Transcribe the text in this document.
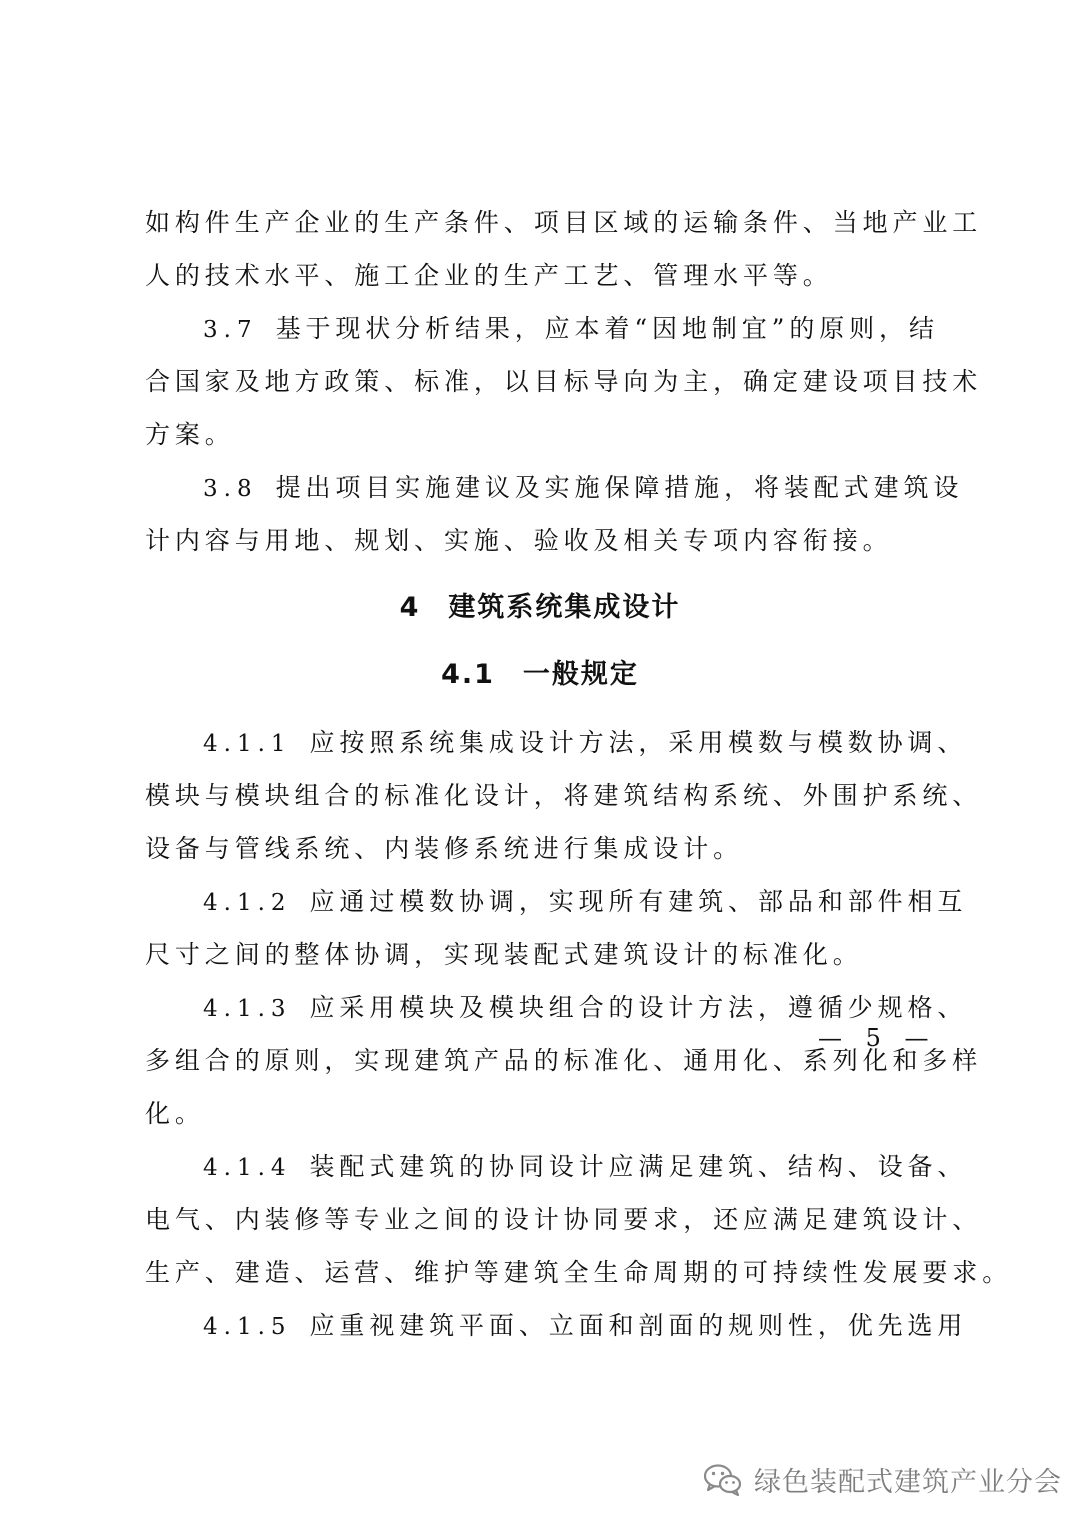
如构件生产企业的生产条件、项目区域的运输条件、当地产业工
人的技术水平、施工企业的生产工艺、管理水平等。
3.7 基于现状分析结果，应本着“因地制宜”的原则，结
合国家及地方政策、标准，以目标导向为主，确定建设项目技术
方案。
3.8 提出项目实施建议及实施保障措施，将装配式建筑设
计内容与用地、规划、实施、验收及相关专项内容衔接。
4 建筑系统集成设计
4.1 一般规定
4.1.1 应按照系统集成设计方法，采用模数与模数协调、
模块与模块组合的标准化设计，将建筑结构系统、外围护系统、
设备与管线系统、内装修系统进行集成设计。
4.1.2 应通过模数协调，实现所有建筑、部品和部件相互
尺寸之间的整体协调，实现装配式建筑设计的标准化。
4.1.3 应采用模块及模块组合的设计方法，遵循少规格、
多组合的原则，实现建筑产品的标准化、通用化、系列化和多样
化。
4.1.4 装配式建筑的协同设计应满足建筑、结构、设备、
电气、内装修等专业之间的设计协同要求，还应满足建筑设计、
生产、建造、运营、维护等建筑全生命周期的可持续性发展要求。
4.1.5 应重视建筑平面、立面和剖面的规则性，优先选用
— 5 —
绿色装配式建筑产业分会
